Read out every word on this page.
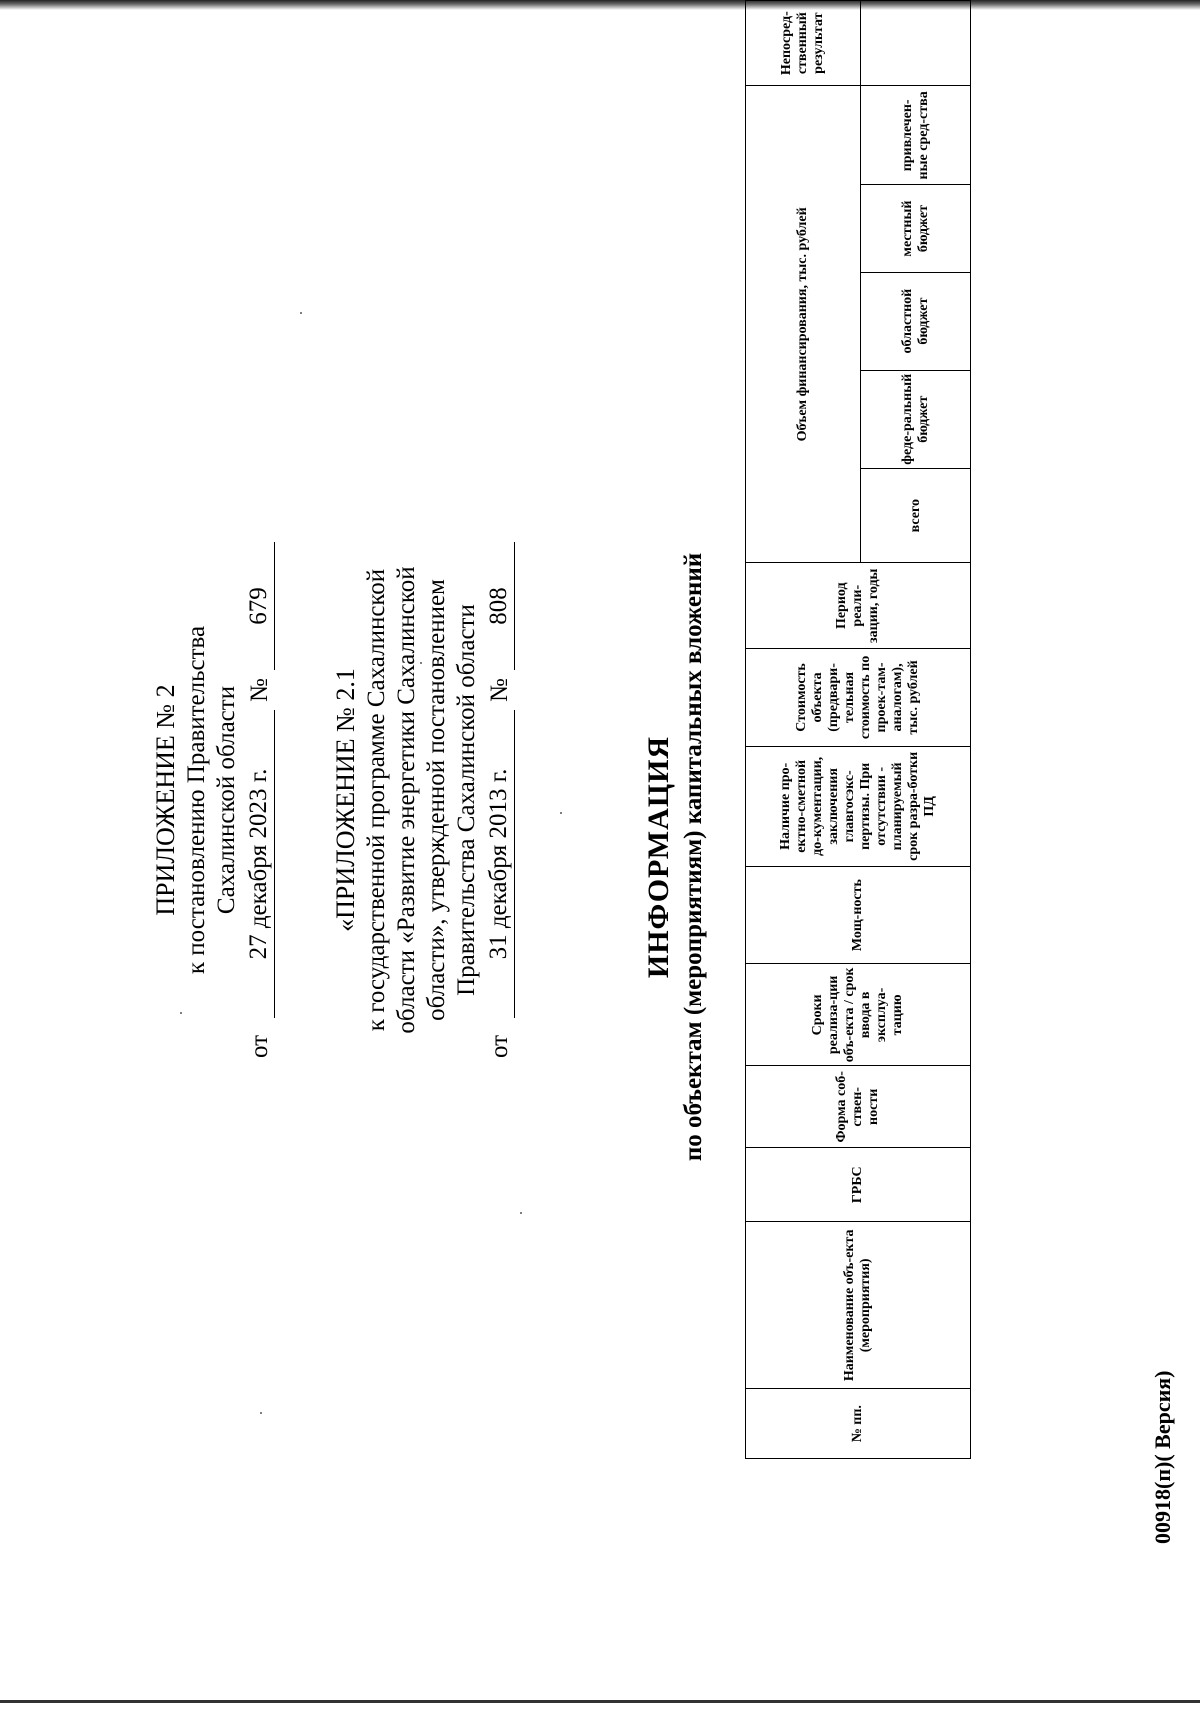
ПРИЛОЖЕНИЕ № 2 к постановлению Правительства Сахалинской области
от
27 декабря 2023 г.
№
679
«ПРИЛОЖЕНИЕ № 2.1 к государственной программе Сахалинской области «Развитие энергетики Сахалинской области», утвержденной постановлением Правительства Сахалинской области
от
31 декабря 2013 г.
№
808
ИНФОРМАЦИЯ по объектам (мероприятиям) капитальных вложений
№ пп.	Наименование объ-екта (мероприятия)	ГРБС	Форма соб-ствен-ности	Сроки реализа-ции объ-екта / срок ввода в эксплуа-тацию	Мощ-ность	Наличие про-ектно-сметной до-кументации, заключения главгосэкс-пертизы. При отсутствии - планируемый срок разра-ботки ПД	Стоимость объекта (предвари-тельная стоимость по проек-там-аналогам), тыс. рублей	Период реали-зации, годы	Объем финансирования, тыс. рублей					Непосред-ственный результат
									всего	феде-ральный бюджет	областной бюджет	местный бюджет	привлечен-ные сред-ства	
00918(п)( Версия)
